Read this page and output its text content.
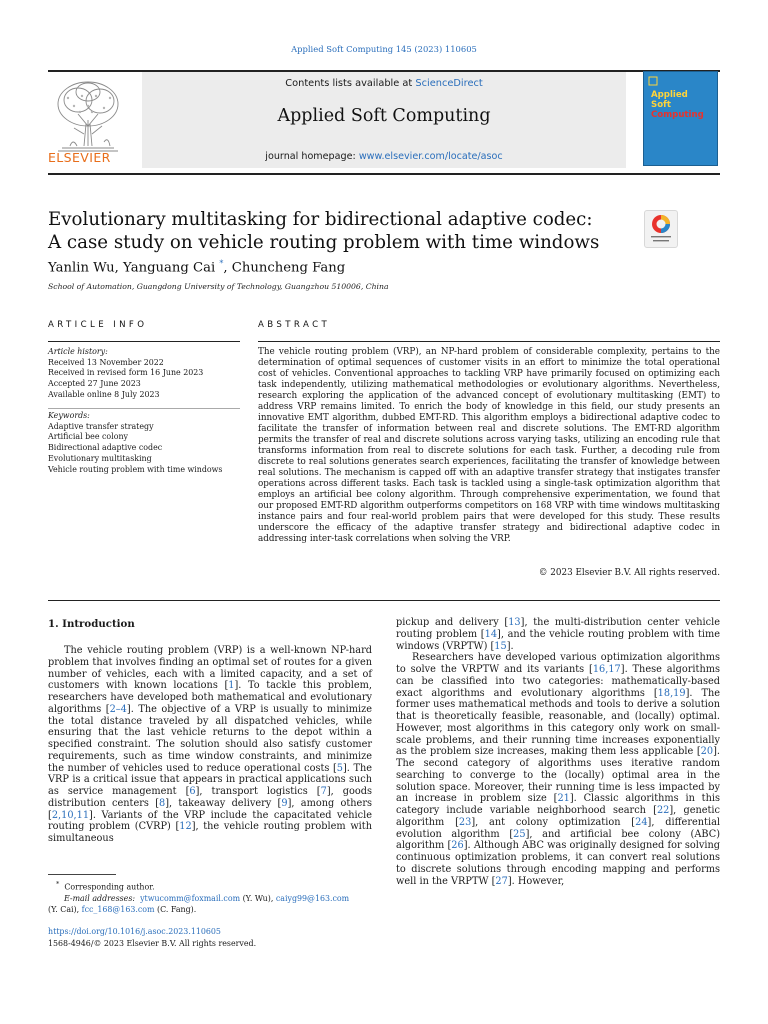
Applied Soft Computing 145 (2023) 110605
ELSEVIER
Contents lists available at ScienceDirect
Applied Soft Computing
journal homepage: www.elsevier.com/locate/asoc
Applied
Soft
Computing
Evolutionary multitasking for bidirectional adaptive codec: A case study on vehicle routing problem with time windows
Yanlin Wu, Yanguang Cai *, Chuncheng Fang
School of Automation, Guangdong University of Technology, Guangzhou 510006, China
ARTICLE INFO	ABSTRACT
Article history:
Received 13 November 2022
Received in revised form 16 June 2023
Accepted 27 June 2023
Available online 8 July 2023
Keywords:
Adaptive transfer strategy
Artificial bee colony
Bidirectional adaptive codec
Evolutionary multitasking
Vehicle routing problem with time windows
The vehicle routing problem (VRP), an NP-hard problem of considerable complexity, pertains to the determination of optimal sequences of customer visits in an effort to minimize the total operational cost of vehicles. Conventional approaches to tackling VRP have primarily focused on optimizing each task independently, utilizing mathematical methodologies or evolutionary algorithms. Nevertheless, research exploring the application of the advanced concept of evolutionary multitasking (EMT) to address VRP remains limited. To enrich the body of knowledge in this field, our study presents an innovative EMT algorithm, dubbed EMT-RD. This algorithm employs a bidirectional adaptive codec to facilitate the transfer of information between real and discrete solutions. The EMT-RD algorithm permits the transfer of real and discrete solutions across varying tasks, utilizing an encoding rule that transforms information from real to discrete solutions for each task. Further, a decoding rule from discrete to real solutions generates search experiences, facilitating the transfer of knowledge between real solutions. The mechanism is capped off with an adaptive transfer strategy that instigates transfer operations across different tasks. Each task is tackled using a single-task optimization algorithm that employs an artificial bee colony algorithm. Through comprehensive experimentation, we found that our proposed EMT-RD algorithm outperforms competitors on 168 VRP with time windows multitasking instance pairs and four real-world problem pairs that were developed for this study. These results underscore the efficacy of the adaptive transfer strategy and bidirectional adaptive codec in addressing inter-task correlations when solving the VRP.
© 2023 Elsevier B.V. All rights reserved.
1. Introduction

The vehicle routing problem (VRP) is a well-known NP-hard problem that involves finding an optimal set of routes for a given number of vehicles, each with a limited capacity, and a set of customers with known locations [1]. To tackle this problem, researchers have developed both mathematical and evolutionary algorithms [2–4]. The objective of a VRP is usually to minimize the total distance traveled by all dispatched vehicles, while ensuring that the last vehicle returns to the depot within a specified constraint. The solution should also satisfy customer requirements, such as time window constraints, and minimize the number of vehicles used to reduce operational costs [5]. The VRP is a critical issue that appears in practical applications such as service management [6], transport logistics [7], goods distribution centers [8], takeaway delivery [9], among others [2,10,11]. Variants of the VRP include the capacitated vehicle routing problem (CVRP) [12], the vehicle routing problem with simultaneous

pickup and delivery [13], the multi-distribution center vehicle routing problem [14], and the vehicle routing problem with time windows (VRPTW) [15].

Researchers have developed various optimization algorithms to solve the VRPTW and its variants [16,17]. These algorithms can be classified into two categories: mathematically-based exact algorithms and evolutionary algorithms [18,19]. The former uses mathematical methods and tools to derive a solution that is theoretically feasible, reasonable, and (locally) optimal. However, most algorithms in this category only work on small-scale problems, and their running time increases exponentially as the problem size increases, making them less applicable [20]. The second category of algorithms uses iterative random searching to converge to the (locally) optimal area in the solution space. Moreover, their running time is less impacted by an increase in problem size [21]. Classic algorithms in this category include variable neighborhood search [22], genetic algorithm [23], ant colony optimization [24], differential evolution algorithm [25], and artificial bee colony (ABC) algorithm [26]. Although ABC was originally designed for solving continuous optimization problems, it can convert real solutions to discrete solutions through encoding mapping and performs well in the VRPTW [27]. However,

* Corresponding author.
E-mail addresses: ytwucomm@foxmail.com (Y. Wu), caiyg99@163.com
(Y. Cai), fcc_168@163.com (C. Fang).
https://doi.org/10.1016/j.asoc.2023.110605
1568-4946/© 2023 Elsevier B.V. All rights reserved.
